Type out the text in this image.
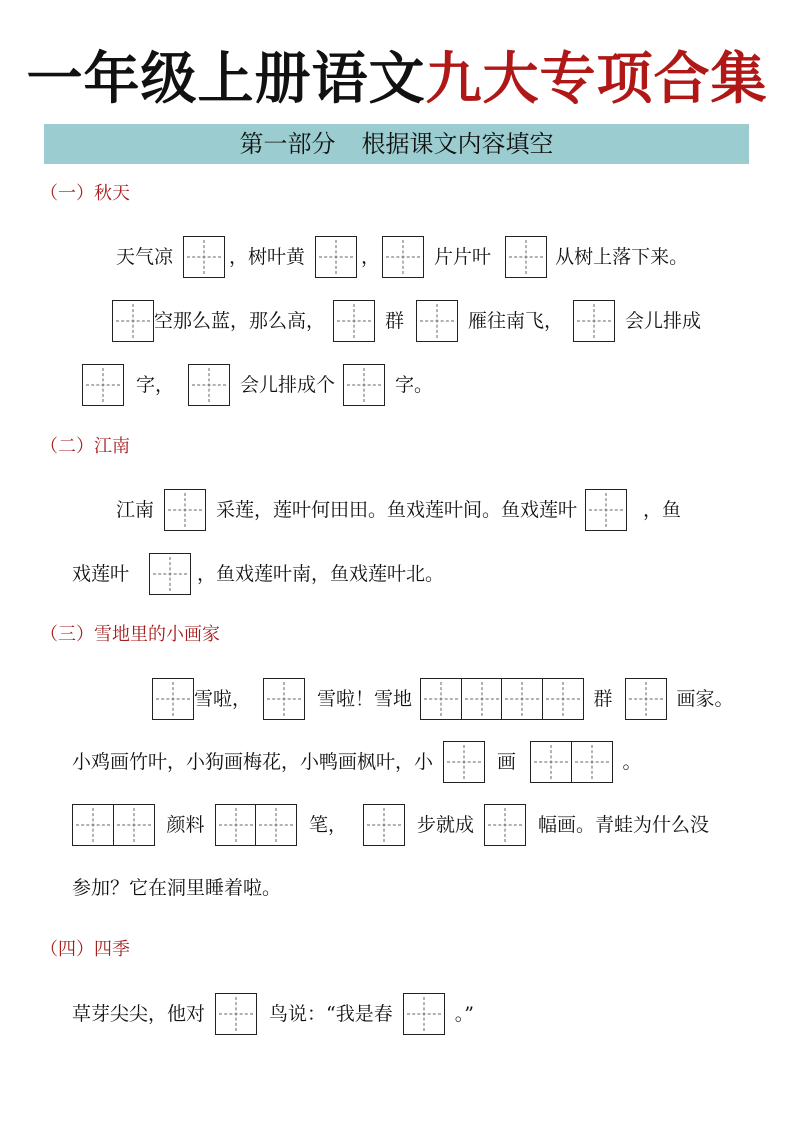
一年级上册语文九大专项合集
第一部分 根据课文内容填空
（一）秋天
天气凉	，树叶黄	，	片片叶	从树上落下来。
空那么蓝，那么高，	群	雁往南飞，	会儿排成
字，	会儿排成个	字。
（二）江南
江南	采莲，莲叶何田田。鱼戏莲叶间。鱼戏莲叶	，鱼
戏莲叶	，鱼戏莲叶南，鱼戏莲叶北。
（三）雪地里的小画家
雪啦，	雪啦！雪地	群	画家。
小鸡画竹叶，小狗画梅花，小鸭画枫叶，小	画	。
颜料	笔，	步就成	幅画。青蛙为什么没
参加？它在洞里睡着啦。
（四）四季
草芽尖尖，他对	鸟说：“我是春	。”
